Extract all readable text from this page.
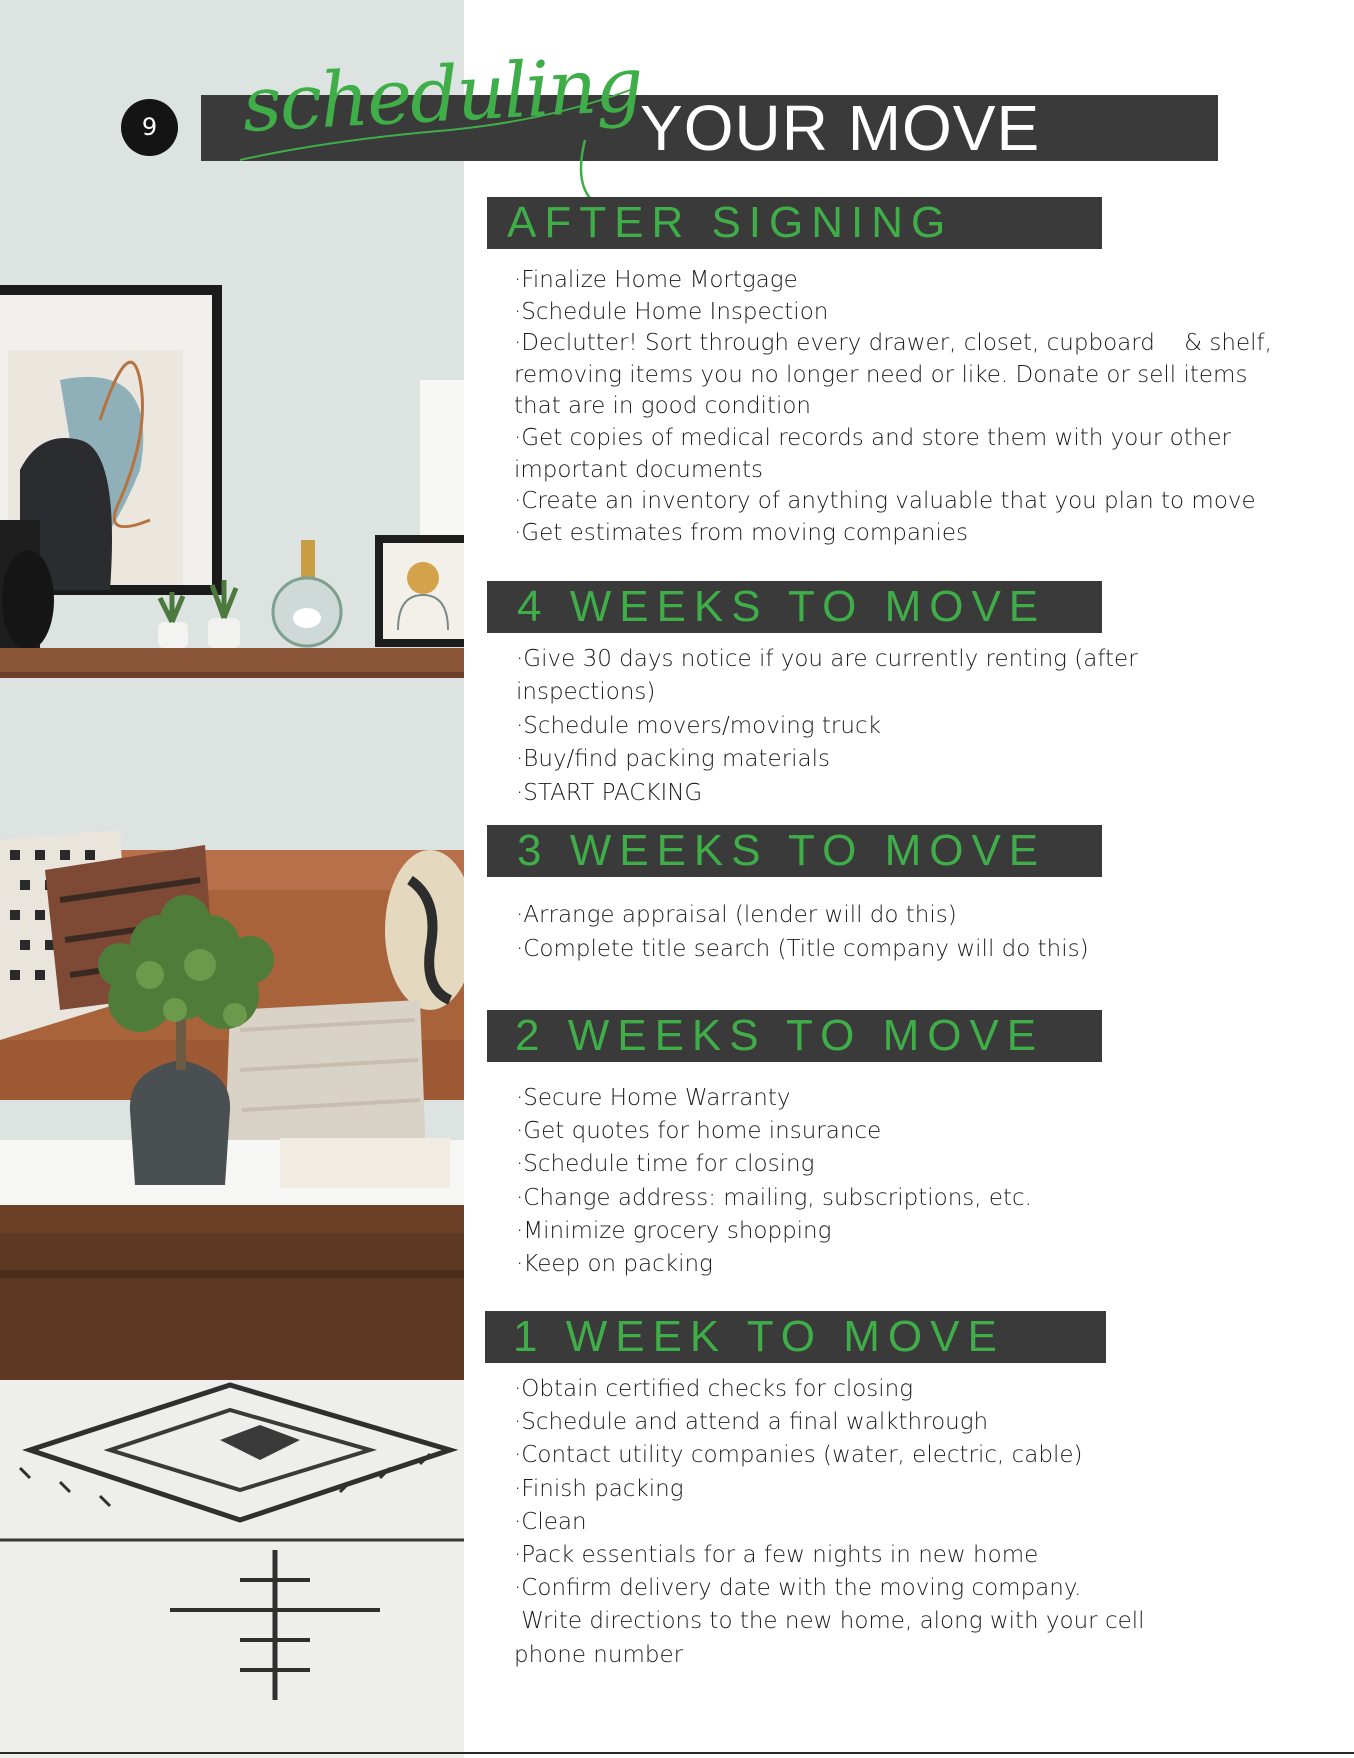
9 scheduling
YOUR MOVE
AFTER SIGNING
·Finalize Home Mortgage
·Schedule Home Inspection
·Declutter! Sort through every drawer, closet, cupboard    & shelf,
removing items you no longer need or like. Donate or sell items
that are in good condition
·Get copies of medical records and store them with your other
important documents
·Create an inventory of anything valuable that you plan to move
·Get estimates from moving companies
4 WEEKS TO MOVE
·Give 30 days notice if you are currently renting (after
inspections)
·Schedule movers/moving truck
·Buy/find packing materials
·START PACKING
3 WEEKS TO MOVE
·Arrange appraisal (lender will do this)
·Complete title search (Title company will do this)
2 WEEKS TO MOVE
·Secure Home Warranty
·Get quotes for home insurance
·Schedule time for closing
·Change address: mailing, subscriptions, etc.
·Minimize grocery shopping
·Keep on packing
1 WEEK TO MOVE
·Obtain certified checks for closing
·Schedule and attend a final walkthrough
·Contact utility companies (water, electric, cable)
·Finish packing
·Clean
·Pack essentials for a few nights in new home
·Confirm delivery date with the moving company.
Write directions to the new home, along with your cell
phone number
